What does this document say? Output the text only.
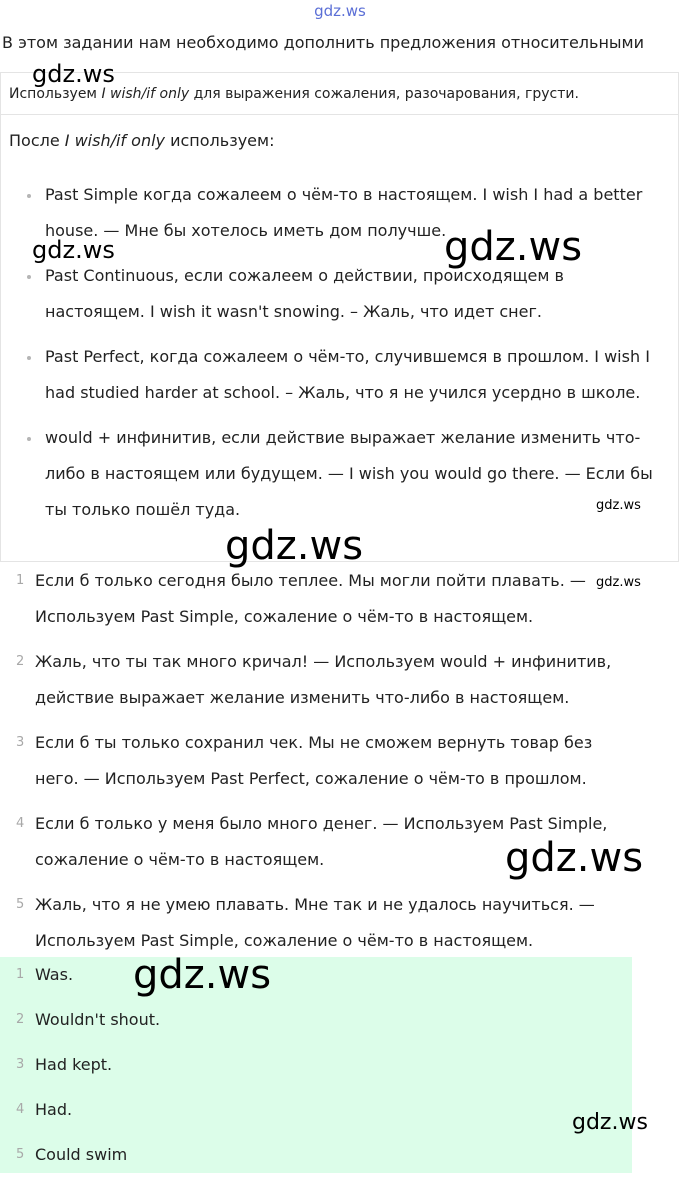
gdz.ws
В этом задании нам необходимо дополнить предложения относительными
Используем I wish/if only для выражения сожаления, разочарования, грусти.
После I wish/if only используем:
Past Simple когда сожалеем о чём-то в настоящем. I wish I had a better house. — Мне бы хотелось иметь дом получше.
Past Continuous, если сожалеем о действии, происходящем в настоящем. I wish it wasn't snowing. – Жаль, что идет снег.
Past Perfect, когда сожалеем о чём-то, случившемся в прошлом. I wish I had studied harder at school. – Жаль, что я не учился усердно в школе.
would + инфинитив, если действие выражает желание изменить что-либо в настоящем или будущем. — I wish you would go there. — Если бы ты только пошёл туда.
1 Если б только сегодня было теплее. Мы могли пойти плавать. — Используем Past Simple, сожаление о чём-то в настоящем.
2 Жаль, что ты так много кричал! — Используем would + инфинитив, действие выражает желание изменить что-либо в настоящем.
3 Если б ты только сохранил чек. Мы не сможем вернуть товар без него. — Используем Past Perfect, сожаление о чём-то в прошлом.
4 Если б только у меня было много денег. — Используем Past Simple, сожаление о чём-то в настоящем.
5 Жаль, что я не умею плавать. Мне так и не удалось научиться. — Используем Past Simple, сожаление о чём-то в настоящем.
1 Was.
2 Wouldn't shout.
3 Had kept.
4 Had.
5 Could swim
gdz.ws
gdz.ws	gdz.ws
gdz.ws
gdz.ws
gdz.ws
gdz.ws
gdz.ws
gdz.ws
